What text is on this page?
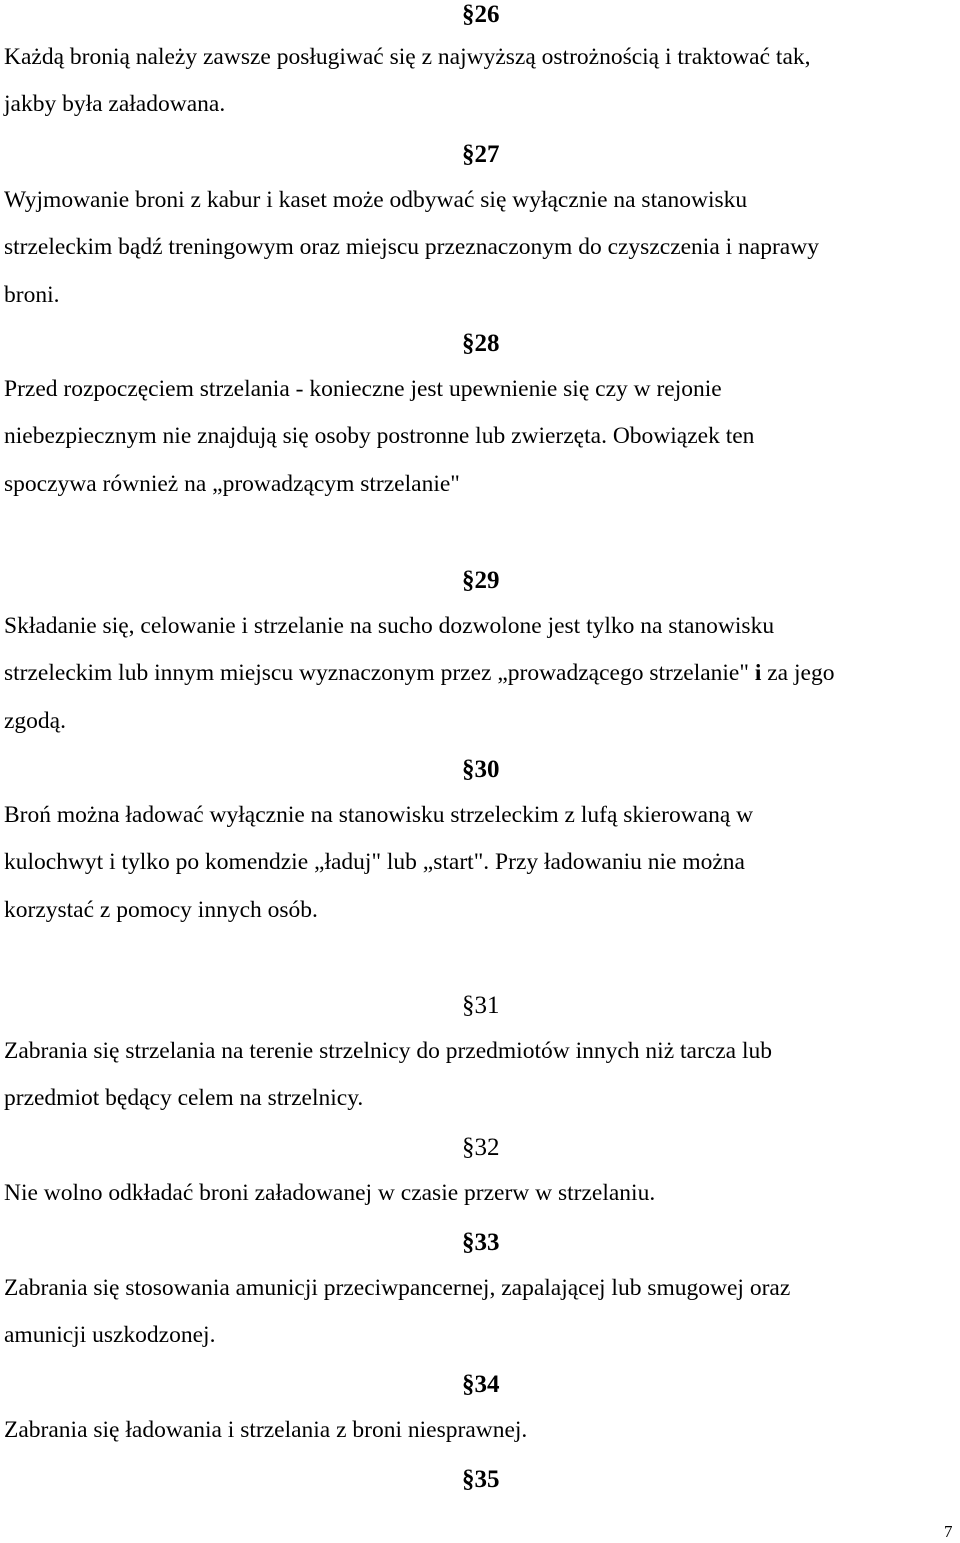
§26
Każdą bronią należy zawsze posługiwać się z najwyższą ostrożnością i traktować tak,
jakby była załadowana.
§27
Wyjmowanie broni z kabur i kaset może odbywać się wyłącznie na stanowisku
strzeleckim bądź treningowym oraz miejscu przeznaczonym do czyszczenia i naprawy
broni.
§28
Przed rozpoczęciem strzelania - konieczne jest upewnienie się czy w rejonie
niebezpiecznym nie znajdują się osoby postronne lub zwierzęta. Obowiązek ten
spoczywa również na „prowadzącym strzelanie"
§29
Składanie się, celowanie i strzelanie na sucho dozwolone jest tylko na stanowisku
strzeleckim lub innym miejscu wyznaczonym przez „prowadzącego strzelanie" i za jego
zgodą.
§30
Broń można ładować wyłącznie na stanowisku strzeleckim z lufą skierowaną w
kulochwyt i tylko po komendzie „ładuj" lub „start". Przy ładowaniu nie można
korzystać z pomocy innych osób.
§31
Zabrania się strzelania na terenie strzelnicy do przedmiotów innych niż tarcza lub
przedmiot będący celem na strzelnicy.
§32
Nie wolno odkładać broni załadowanej w czasie przerw w strzelaniu.
§33
Zabrania się stosowania amunicji przeciwpancernej, zapalającej lub smugowej oraz
amunicji uszkodzonej.
§34
Zabrania się ładowania i strzelania z broni niesprawnej.
§35
7
